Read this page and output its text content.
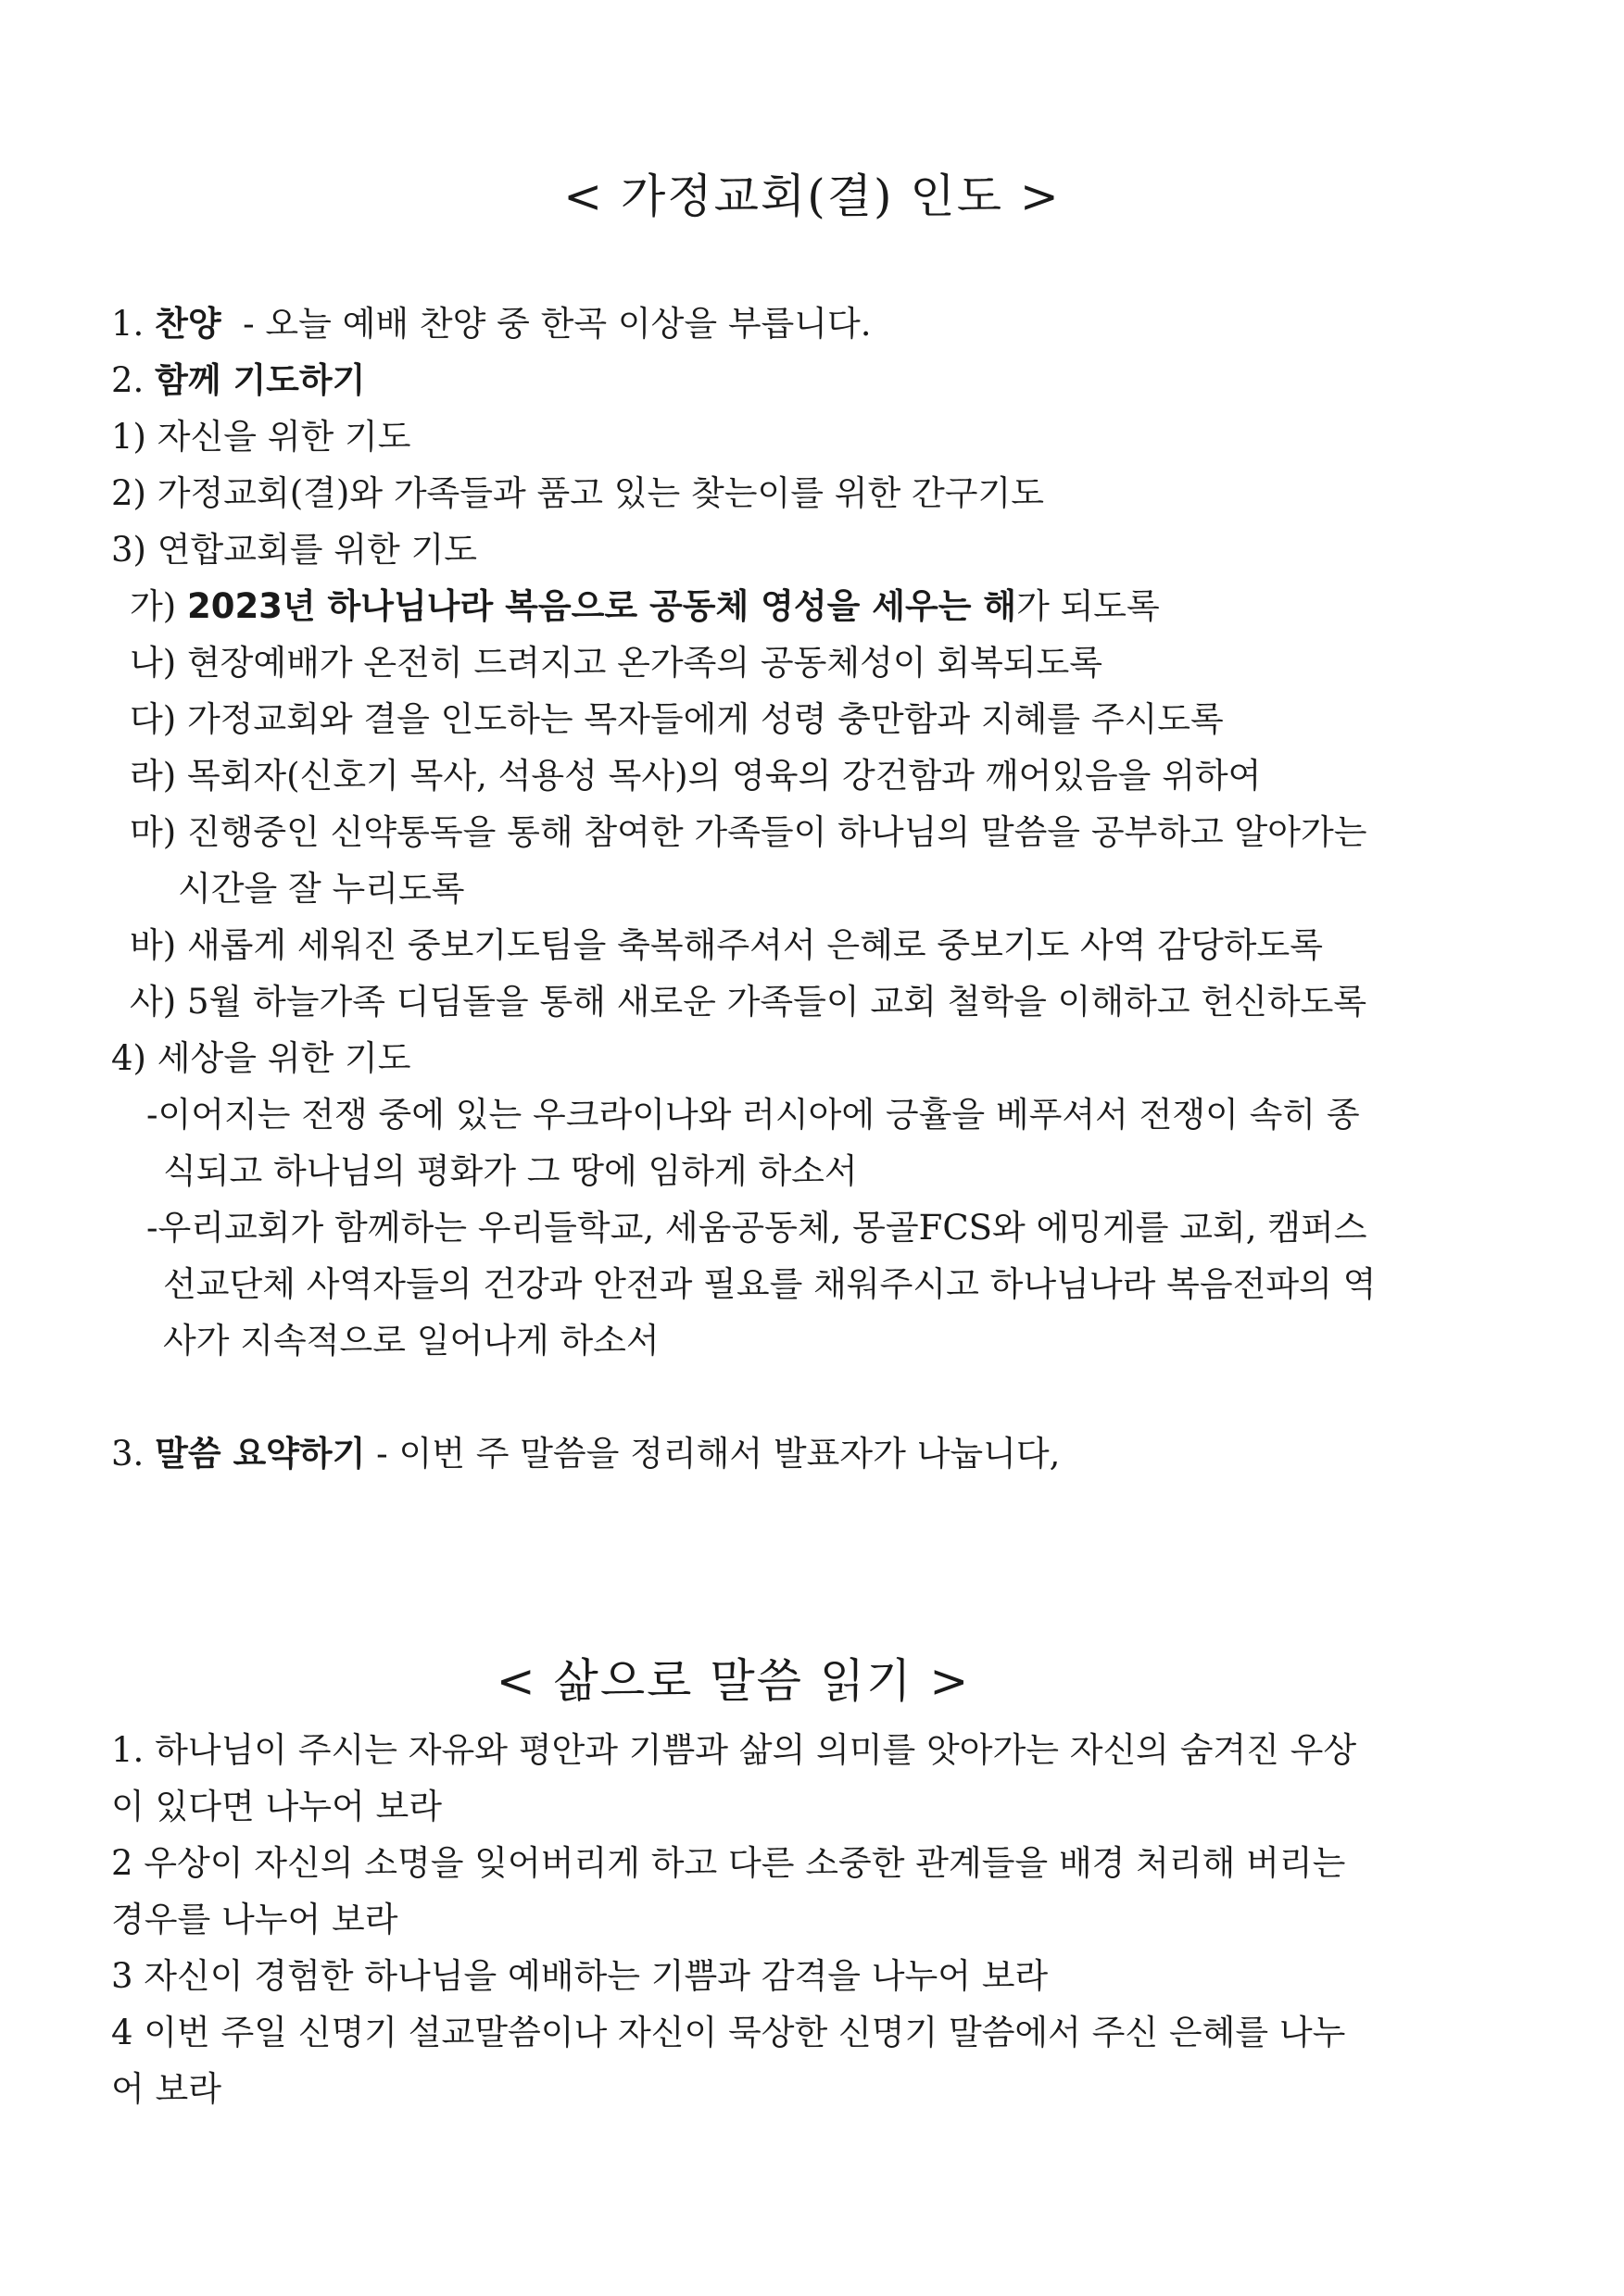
< 가정교회(결) 인도 >
1. 찬양  - 오늘 예배 찬양 중 한곡 이상을 부릅니다.
2. 함께 기도하기
1) 자신을 위한 기도
2) 가정교회(결)와 가족들과 품고 있는 찾는이를 위한 간구기도
3) 연합교회를 위한 기도
가) 2023년 하나님나라 복음으로 공동체 영성을 세우는 해가 되도록
나) 현장예배가 온전히 드려지고 온가족의 공동체성이 회복되도록
다) 가정교회와 결을 인도하는 목자들에게 성령 충만함과 지혜를 주시도록
라) 목회자(신호기 목사, 석용성 목사)의 영육의 강건함과 깨어있음을 위하여
마) 진행중인 신약통독을 통해 참여한 가족들이 하나님의 말씀을 공부하고 알아가는
시간을 잘 누리도록
바) 새롭게 세워진 중보기도팀을 축복해주셔서 은혜로 중보기도 사역 감당하도록
사) 5월 하늘가족 디딤돌을 통해 새로운 가족들이 교회 철학을 이해하고 헌신하도록
4) 세상을 위한 기도
-이어지는 전쟁 중에 있는 우크라이나와 러시아에 긍휼을 베푸셔서 전쟁이 속히 종
식되고 하나님의 평화가 그 땅에 임하게 하소서
-우리교회가 함께하는 우리들학교, 세움공동체, 몽골FCS와 에밍게를 교회, 캠퍼스
선교단체 사역자들의 건강과 안전과 필요를 채워주시고 하나님나라 복음전파의 역
사가 지속적으로 일어나게 하소서
3. 말씀 요약하기 - 이번 주 말씀을 정리해서 발표자가 나눕니다,
< 삶으로 말씀 읽기 >
1. 하나님이 주시는 자유와 평안과 기쁨과 삶의 의미를 앗아가는 자신의 숨겨진 우상
이 있다면 나누어 보라
2 우상이 자신의 소명을 잊어버리게 하고 다른 소중한 관계들을 배경 처리해 버리는
경우를 나누어 보라
3 자신이 경험한 하나님을 예배하는 기쁨과 감격을 나누어 보라
4 이번 주일 신명기 설교말씀이나 자신이 묵상한 신명기 말씀에서 주신 은혜를 나누
어 보라
